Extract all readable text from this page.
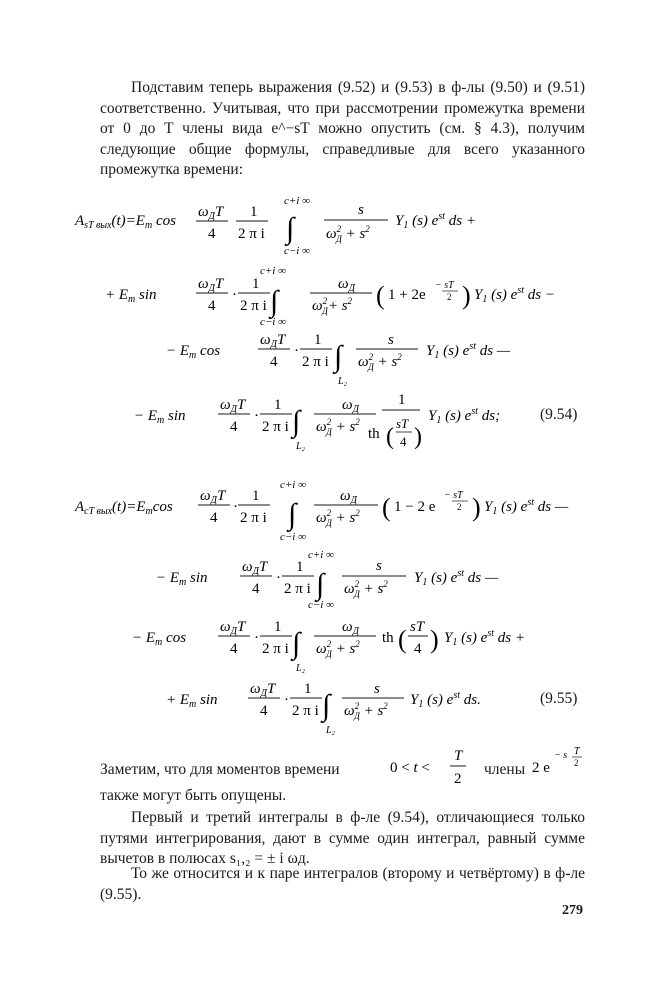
Подставим теперь выражения (9.52) и (9.53) в ф-лы (9.50) и (9.51) соответственно. Учитывая, что при рассмотрении промежутка времени от 0 до T члены вида e^−sT можно опустить (см. § 4.3), получим следующие общие формулы, справедливые для всего указанного промежутка времени:

$A_{sT вых}(t)=E_m$ cos
$\omega_ДT$
4
1
2 π i
c+i ∞
∫
c−i ∞
s
$\omega^2$ $Д + s^2$ $Y_1$ (s) $e^{st}$ ds +
+ $E_m$ sin
$\omega_ДT$
4
·
1
2 π i
c+i ∞
∫
c−i ∞
$\omega_Д$
$\omega^2$ $Д+ s^2$ ( 1 + 2e
− sT
2 ) $Y_1$ (s) $e^{st}$ ds −
− $E_m$ cos
$\omega_ДT$
4
·
1
2 π i ∫
L₂
s
$\omega^2$ $Д + s^2$ $Y_1$ (s) $e^{st}$ ds —
− $E_m$ sin
$\omega_ДT$
4
·
1
2 π i ∫
L₂
$\omega_Д$
$\omega^2$ $Д + s^2$
1
th (
sT
4 )
$Y_1$ (s) $e^{st}$ ds;	(9.54)
$A_{cT вых}(t)=E_m\cos$
$\omega_ДT$
4
·
1
2 π i
c+i ∞
∫
c−i ∞
$\omega_Д$
$\omega^2$ $Д + s^2$ ( 1 − 2 e
− sT
2 ) $Y_1$ (s) $e^{st}$ ds —
− $E_m$ sin
$\omega_ДT$
4
·
1
2 π i
c+i ∞
∫
c−i ∞
s
$\omega^2$ $Д + s^2$ $Y_1$ (s) $e^{st}$ ds —
− $E_m$ cos
$\omega_ДT$
4
·
1
2 π i ∫
L₂
$\omega_Д$
$\omega^2$ $Д + s^2$ th ( sT
4 ) $Y_1$ (s) $e^{st}$ ds +
+ $E_m$ sin
$\omega_ДT$
4
·
1
2 π i ∫
L₂
s
$\omega^2$ $Д + s^2$ $Y_1$ (s) $e^{st}$ ds.	(9.55)
Заметим, что для моментов времени	0 < t <
T
2
члены 2 e
− s T
2

также могут быть опущены.

Первый и третий интегралы в ф-ле (9.54), отличающиеся только путями интегрирования, дают в сумме один интеграл, равный сумме вычетов в полюсах s₁,₂ = ± i ωд.

То же относится и к паре интегралов (второму и четвёртому) в ф-ле (9.55).

279
